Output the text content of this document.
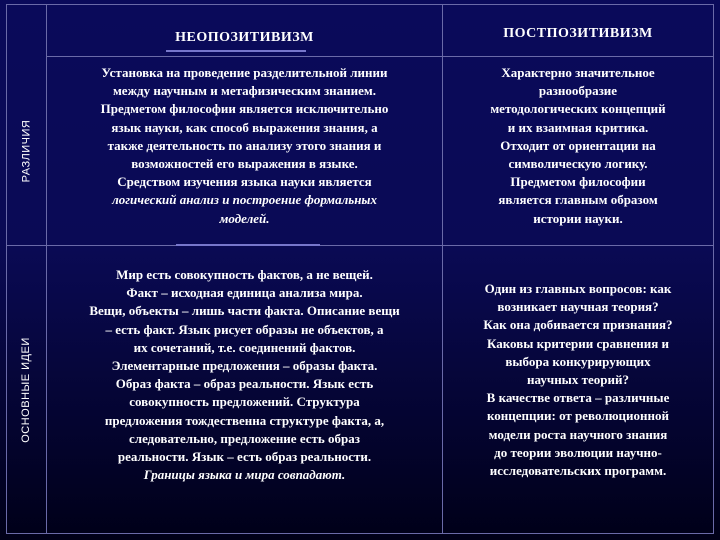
РАЗЛИЧИЯ
ОСНОВНЫЕ ИДЕИ
НЕОПОЗИТИВИЗМ	ПОСТПОЗИТИВИЗМ
Установка на проведение разделительной линии
между научным и метафизическим знанием.
Предметом философии является исключительно
язык науки, как способ выражения знания, а
также деятельность по анализу этого знания и
возможностей его выражения в языке.
Средством изучения языка науки является
логический анализ и построение формальных
моделей.
Характерно значительное
разнообразие
методологических концепций
и их взаимная критика.
Отходит от ориентации на
символическую логику.
Предметом философии
является главным образом
истории науки.
Мир есть совокупность фактов, а не вещей.
Факт – исходная единица анализа мира.
Вещи, объекты – лишь части факта. Описание вещи
– есть факт. Язык рисует образы не объектов, а
их сочетаний, т.е. соединений фактов.
Элементарные предложения – образы факта.
Образ факта – образ реальности. Язык есть
совокупность предложений. Структура
предложения тождественна структуре факта, а,
следовательно, предложение есть образ
реальности. Язык – есть образ реальности.
Границы языка и мира совпадают.
Один из главных вопросов: как
возникает научная теория?
Как она добивается признания?
Каковы критерии сравнения и
выбора конкурирующих
научных теорий?
В качестве ответа – различные
концепции: от революционной
модели роста научного знания
до теории эволюции научно-
исследовательских программ.
